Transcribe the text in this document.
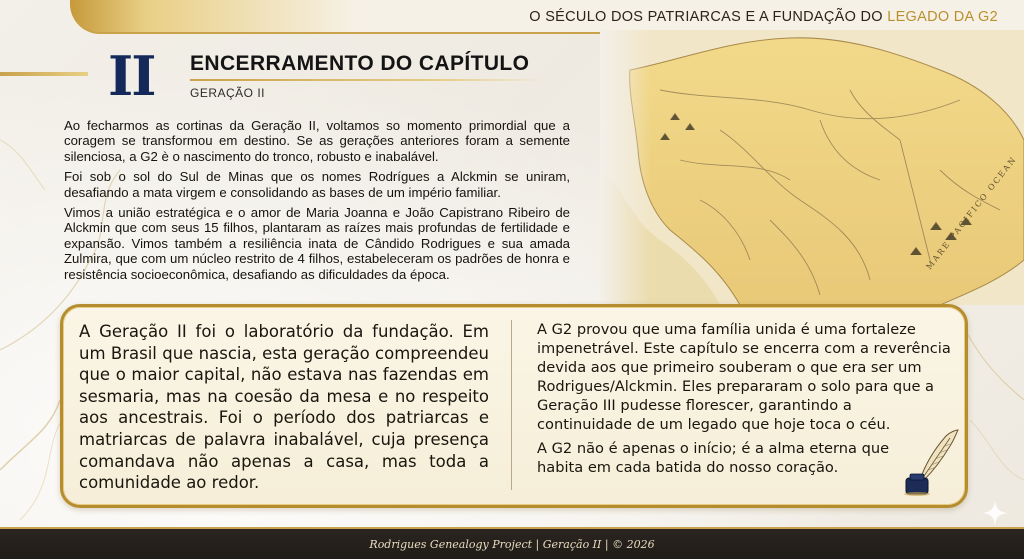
O SÉCULO DOS PATRIARCAS E A FUNDAÇÃO DO LEGADO DA G2
II ENCERRAMENTO DO CAPÍTULO
GERAÇÃO II

Ao fecharmos as cortinas da Geração II, voltamos so momento primordial que a coragem se transformou em destino. Se as gerações anteriores foram a semente silenciosa, a G2 è o nascimento do tronco, robusto e inabalável.

Foi sob o sol do Sul de Minas que os nomes Rodrígues a Alckmin se uniram, desafiando a mata virgem e consolidando as bases de um império familiar.

Vimos a união estratégica e o amor de Maria Joanna e João Capistrano Ribeiro de Alckmin que com seus 15 filhos, plantaram as raízes mais profundas de fertilidade e expansão. Vimos também a resiliência inata de Cândido Rodrigues e sua amada Zulmira, que com um núcleo restrito de 4 filhos, estabeleceram os padrões de honra e resistência socioeconômica, desafiando as dificuldades da época.

A Geração II foi o laboratório da fundação. Em um Brasil que nascia, esta geração compreendeu que o maior capital, não estava nas fazendas em sesmaria, mas na coesão da mesa e no respeito aos ancestrais. Foi o período dos patriarcas e matriarcas de palavra inabalável, cuja presença comandava não apenas a casa, mas toda a comunidade ao redor.

A G2 provou que uma família unida é uma fortaleze impenetrável. Este capítulo se encerra com a reverência devida aos que primeiro souberam o que era ser um Rodrigues/Alckmin. Eles prepararam o solo para que a Geração III pudesse florescer, garantindo a continuidade de um legado que hoje toca o céu.

A G2 não é apenas o início; é a alma eterna que habita em cada batida do nosso coração.

Rodrigues Genealogy Project | Geração II | © 2026
